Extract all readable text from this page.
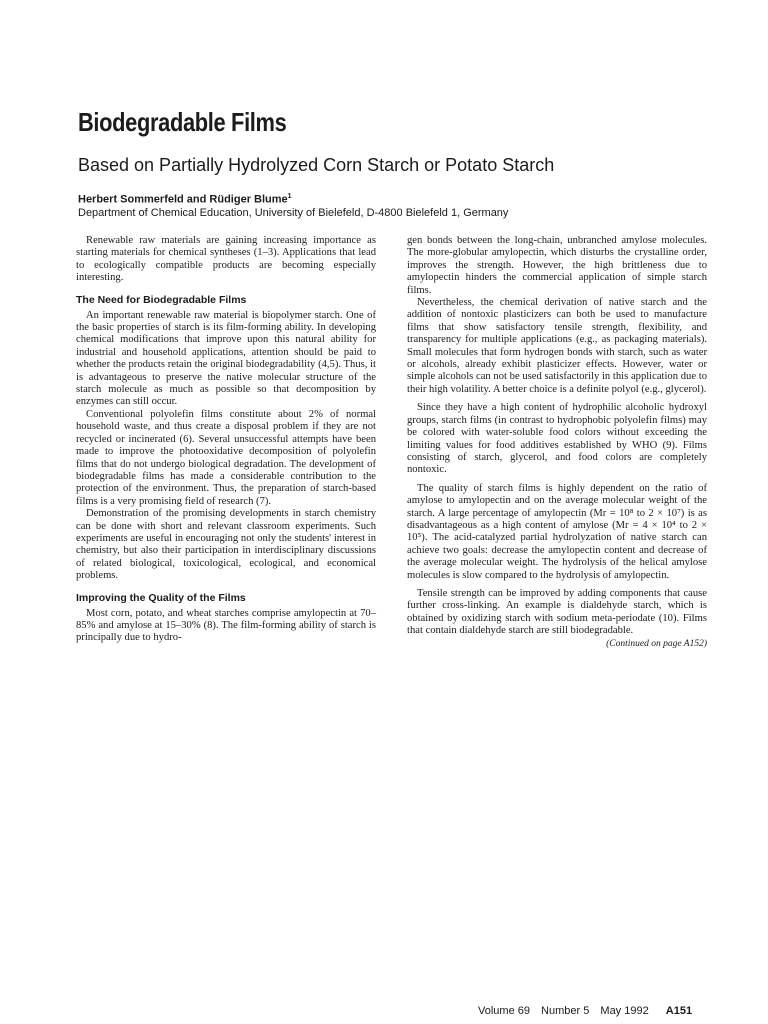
Biodegradable Films
Based on Partially Hydrolyzed Corn Starch or Potato Starch
Herbert Sommerfeld and Rüdiger Blume$^1$
Department of Chemical Education, University of Bielefeld, D-4800 Bielefeld 1, Germany

Renewable raw materials are gaining increasing importance as starting materials for chemical syntheses (1–3). Applications that lead to ecologically compatible products are becoming especially interesting.

The Need for Biodegradable Films

An important renewable raw material is biopolymer starch. One of the basic properties of starch is its film-forming ability. In developing chemical modifications that improve upon this natural ability for industrial and household applications, attention should be paid to whether the products retain the original biodegradability (4,5). Thus, it is advantageous to preserve the native molecular structure of the starch molecule as much as possible so that decomposition by enzymes can still occur.

Conventional polyolefin films constitute about 2% of normal household waste, and thus create a disposal problem if they are not recycled or incinerated (6). Several unsuccessful attempts have been made to improve the photooxidative decomposition of polyolefin films that do not undergo biological degradation. The development of biodegradable films has made a considerable contribution to the protection of the environment. Thus, the preparation of starch-based films is a very promising field of research (7).

Demonstration of the promising developments in starch chemistry can be done with short and relevant classroom experiments. Such experiments are useful in encouraging not only the students' interest in chemistry, but also their participation in interdisciplinary discussions of related biological, toxicological, ecological, and economical problems.

Improving the Quality of the Films

Most corn, potato, and wheat starches comprise amylopectin at 70–85% and amylose at 15–30% (8). The film-forming ability of starch is principally due to hydro-

gen bonds between the long-chain, unbranched amylose molecules. The more-globular amylopectin, which disturbs the crystalline order, improves the strength. However, the high brittleness due to amylopectin hinders the commercial application of simple starch films.

Nevertheless, the chemical derivation of native starch and the addition of nontoxic plasticizers can both be used to manufacture films that show satisfactory tensile strength, flexibility, and transparency for multiple applications (e.g., as packaging materials). Small molecules that form hydrogen bonds with starch, such as water or alcohols, already exhibit plasticizer effects. However, water or simple alcohols can not be used satisfactorily in this application due to their high volatility. A better choice is a definite polyol (e.g., glycerol).

Since they have a high content of hydrophilic alcoholic hydroxyl groups, starch films (in contrast to hydrophobic polyolefin films) may be colored with water-soluble food colors without exceeding the limiting values for food additives established by WHO (9). Films consisting of starch, glycerol, and food colors are completely nontoxic.

The quality of starch films is highly dependent on the ratio of amylose to amylopectin and on the average molecular weight of the starch. A large percentage of amylopectin (Mr = 10⁸ to 2 × 10⁷) is as disadvantageous as a high content of amylose (Mr = 4 × 10⁴ to 2 × 10⁵). The acid-catalyzed partial hydrolyzation of native starch can achieve two goals: decrease the amylopectin content and decrease of the average molecular weight. The hydrolysis of the helical amylose molecules is slow compared to the hydrolysis of amylopectin.

Tensile strength can be improved by adding components that cause further cross-linking. An example is dialdehyde starch, which is obtained by oxidizing starch with sodium meta-periodate (10). Films that contain dialdehyde starch are still biodegradable.
(Continued on page A152)

Volume 69 Number 5 May 1992 A151
